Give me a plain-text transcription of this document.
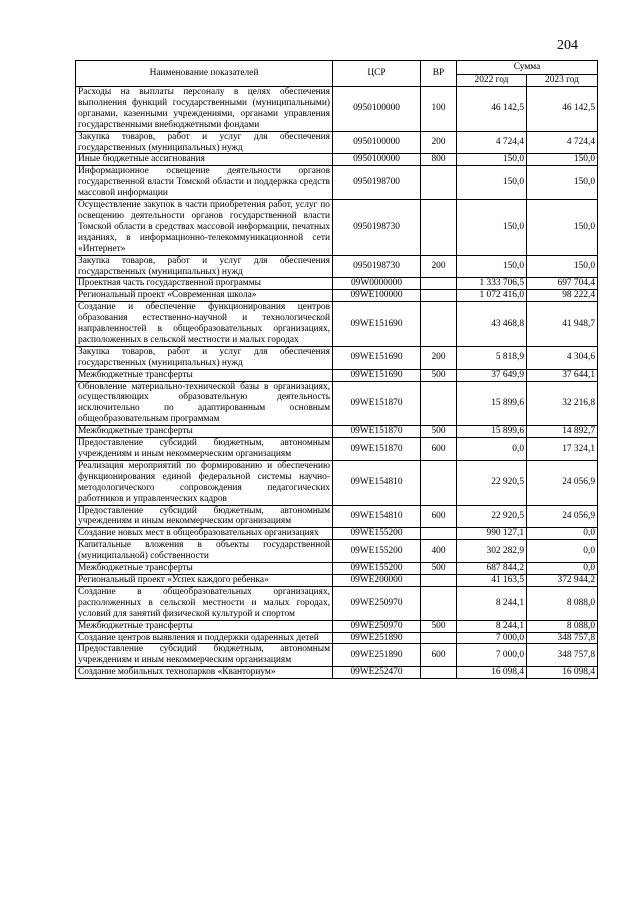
204
Наименование показателей	ЦСР	ВР	Сумма	
			2022 год	2023 год
Расходы на выплаты персоналу в целях обеспечения выполнения функций государственными (муниципальными) органами, казенными учреждениями, органами управления государственными внебюджетными фондами	0950100000	100	46 142,5	46 142,5
Закупка товаров, работ и услуг для обеспечения государственных (муниципальных) нужд	0950100000	200	4 724,4	4 724,4
Иные бюджетные ассигнования	0950100000	800	150,0	150,0
Информационное освещение деятельности органов государственной власти Томской области и поддержка средств массовой информации	0950198700		150,0	150,0
Осуществление закупок в части приобретения работ, услуг по освещению деятельности органов государственной власти Томской области в средствах массовой информации, печатных изданиях, в информационно-телекоммуникационной сети «Интернет»	0950198730		150,0	150,0
Закупка товаров, работ и услуг для обеспечения государственных (муниципальных) нужд	0950198730	200	150,0	150,0
Проектная часть государственной программы	09W0000000		1 333 706,5	697 704,4
Региональный проект «Современная школа»	09WE100000		1 072 416,0	98 222,4
Создание и обеспечение функционирования центров образования естественно-научной и технологической направленностей в общеобразовательных организациях, расположенных в сельской местности и малых городах	09WE151690		43 468,8	41 948,7
Закупка товаров, работ и услуг для обеспечения государственных (муниципальных) нужд	09WE151690	200	5 818,9	4 304,6
Межбюджетные трансферты	09WE151690	500	37 649,9	37 644,1
Обновление материально-технической базы в организациях, осуществляющих образовательную деятельность исключительно по адаптированным основным общеобразовательным программам	09WE151870		15 899,6	32 216,8
Межбюджетные трансферты	09WE151870	500	15 899,6	14 892,7
Предоставление субсидий бюджетным, автономным учреждениям и иным некоммерческим организациям	09WE151870	600	0,0	17 324,1
Реализация мероприятий по формированию и обеспечению функционирования единой федеральной системы научно-методологического сопровождения педагогических работников и управленческих кадров	09WE154810		22 920,5	24 056,9
Предоставление субсидий бюджетным, автономным учреждениям и иным некоммерческим организациям	09WE154810	600	22 920,5	24 056,9
Создание новых мест в общеобразовательных организациях	09WE155200		990 127,1	0,0
Капитальные вложения в объекты государственной (муниципальной) собственности	09WE155200	400	302 282,9	0,0
Межбюджетные трансферты	09WE155200	500	687 844,2	0,0
Региональный проект «Успех каждого ребенка»	09WE200000		41 163,5	372 944,2
Создание в общеобразовательных организациях, расположенных в сельской местности и малых городах, условий для занятий физической культурой и спортом	09WE250970		8 244,1	8 088,0
Межбюджетные трансферты	09WE250970	500	8 244,1	8 088,0
Создание центров выявления и поддержки одаренных детей	09WE251890		7 000,0	348 757,8
Предоставление субсидий бюджетным, автономным учреждениям и иным некоммерческим организациям	09WE251890	600	7 000,0	348 757,8
Создание мобильных технопарков «Кванториум»	09WE252470		16 098,4	16 098,4
